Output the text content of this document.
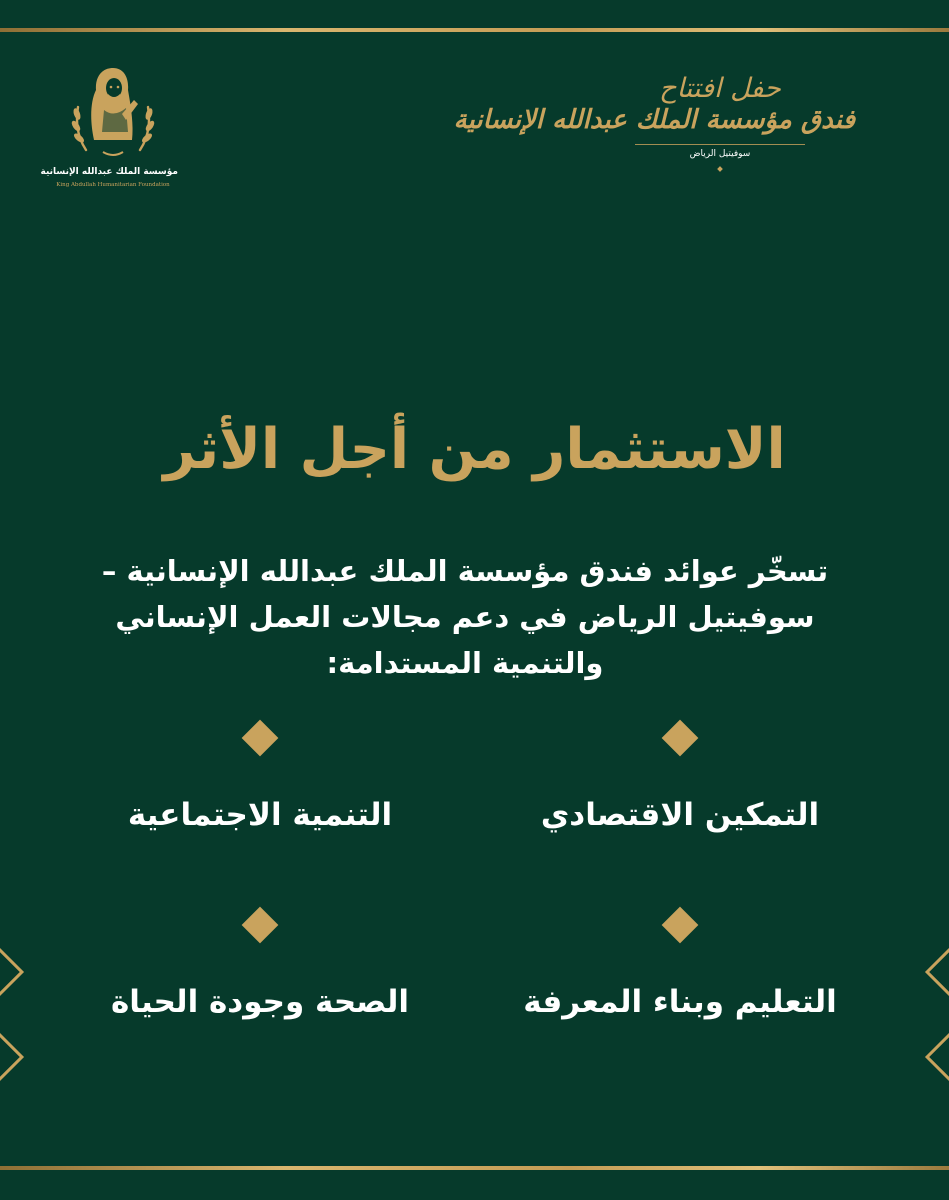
مؤسسة الملك عبدالله الإنسانية
King Abdullah Humanitarian Foundation
حفل افتتاح
فندق مؤسسة الملك عبدالله الإنسانية
سوفيتيل الرياض
الاستثمار من أجل الأثر
تسخّر عوائد فندق مؤسسة الملك عبدالله الإنسانية – سوفيتيل الرياض في دعم مجالات العمل الإنساني والتنمية المستدامة:
التمكين الاقتصادي
التنمية الاجتماعية
التعليم وبناء المعرفة
الصحة وجودة الحياة
